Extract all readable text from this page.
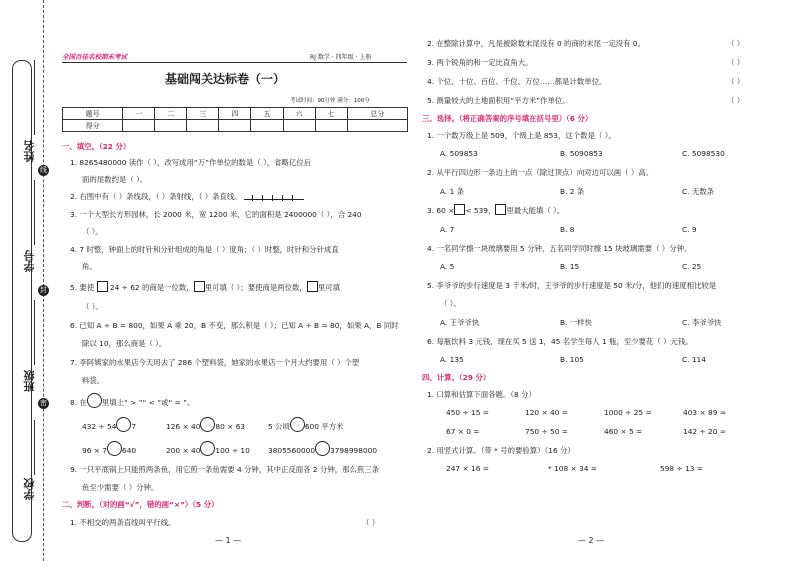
线
封
密
姓名
学号
班级
学校
全国百佳名校期末考试	RJ 数学 · 四年级 · 上册
基础闯关达标卷（一）
考试时间：90分钟 满分：100分
题号	一	二	三	四	五	六	七	总分
得分								
一、填空。（22 分）
1. 8265480000 读作（ ），改写成用“万”作单位的数是（ ），省略亿位后
面的尾数约是（ ）。
2. 右图中有（ ）条线段，（ ）条射线，（ ）条直线。
3. 一个大型长方形园林，长 2000 米，宽 1200 米，它的面积是 2400000（ ），合 240
（ ）。
4. 7 时整，钟面上的时针和分针组成的角是（ ）度角；（ ）时整，时针和分针成直
角。
5. 要使 24 ÷ 62 的商是一位数， 里可填（ ）；要使商是两位数， 里可填
（ ）。
6. 已知 A ÷ B = 800，如果 A 乘 20，B 不变，那么积是（ ）；已知 A ÷ B = 80，如果 A，B 同时
除以 10，那么商是（ ）。
7. 李阿姨家的水果店今天用去了 286 个塑料袋，她家的水果店一个月大约要用（ ）个塑
料袋。
8. 在 里填上“ > ”“ < ”或“ = ”。
432 ÷ 54 7	126 × 40 80 × 63	5 公顷 600 平方米
96 × 7 640	200 × 40 100 ÷ 10 3805560000 3798998000
9. 一只平底锅上只能煎两条鱼，用它煎一条鱼需要 4 分钟，其中正反面各 2 分钟，那么煎三条
鱼至少需要（ ）分钟。
二、判断。（对的画“√”，错的画“×”）（5 分）
1. 不相交的两条直线叫平行线。	（ ）
— 1 —
2. 在整除计算中，凡是被除数末尾没有 0 的商的末尾一定没有 0。	（ ）
3. 两个锐角的和一定比直角大。	（ ）
4. 个位、十位、百位、千位、万位……都是计数单位。	（ ）
5. 测量较大的土地面积用“平方米”作单位。	（ ）
三、选择。（将正确答案的序号填在括号里）（6 分）
1. 一个数万级上是 509，个级上是 853，这个数是（ ）。
A. 509853	B. 5090853	C. 5098530
2. 从平行四边形一条边上的一点（除过顶点）向对边可以画（ ）高。
A. 1 条	B. 2 条	C. 无数条
3. 60 × < 539， 里最大能填（ ）。
A. 7	B. 8	C. 9
4. 一名同学擦一块玻璃要用 5 分钟，五名同学同时擦 15 块玻璃需要（ ）分钟。
A. 5	B. 15	C. 25
5. 李爷爷的步行速度是 3 千米/时，王爷爷的步行速度是 50 米/分，他们的速度相比较是
（ ）。
A. 王爷爷快	B. 一样快	C. 李爷爷快
6. 每瓶饮料 3 元钱，现在买 5 送 1，45 名学生每人 1 瓶，至少要花（ ）元钱。
A. 135	B. 105	C. 114
四、计算。（29 分）
1. 口算和估算下面各题。（8 分）
450 ÷ 15 =	120 × 40 =	1000 ÷ 25 =	403 × 89 ≈
67 × 0 =	750 ÷ 50 =	460 × 5 =	142 ÷ 20 ≈
2. 用竖式计算。（带 * 号的要验算）（16 分）
247 × 16 =	* 108 × 34 =	598 ÷ 13 =
— 2 —
